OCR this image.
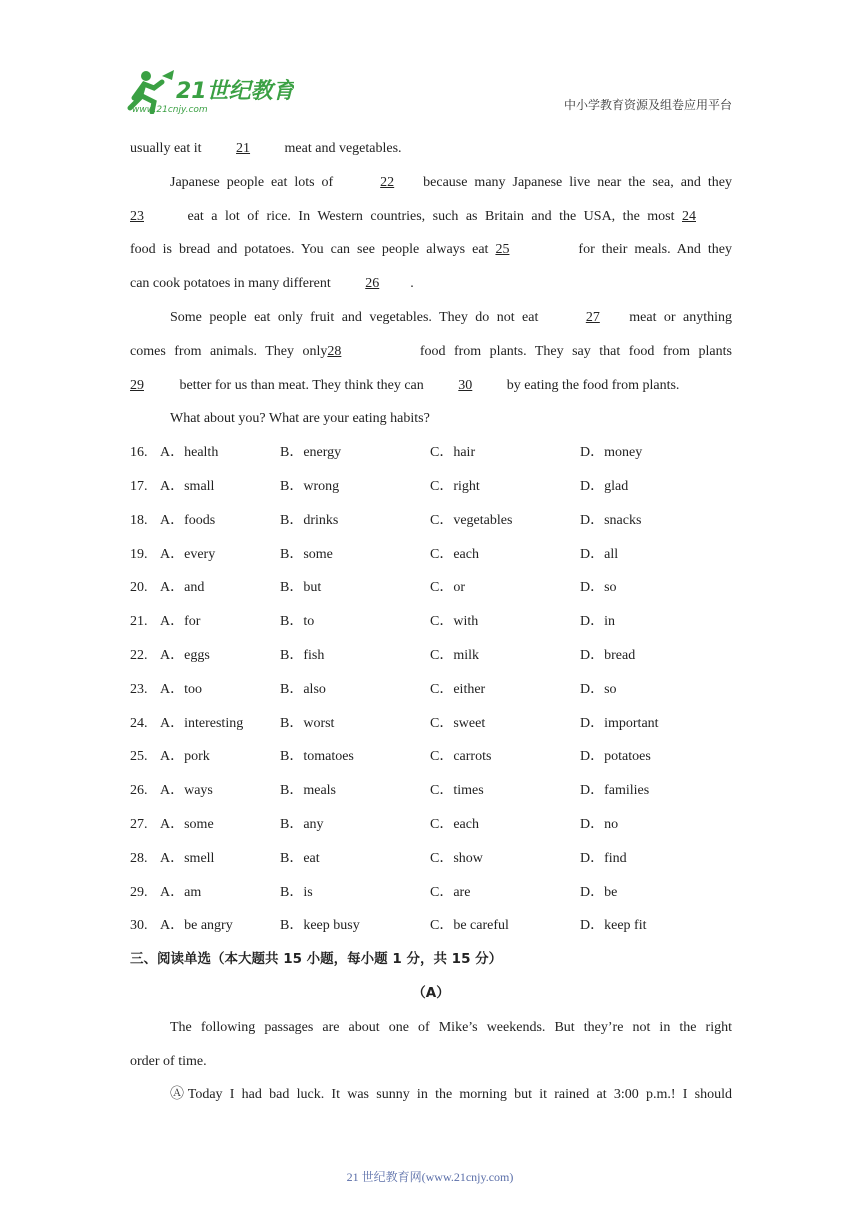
21世纪教育
www.21cnjy.com	中小学教育资源及组卷应用平台
usually eat it 21 meat and vegetables.
Japanese people eat lots of	22 because many Japanese live near the sea, and they
23	eat a lot of rice. In Western countries, such as Britain and the USA, the most 24
food is bread and potatoes. You can see people always eat 25	for their meals. And they
can cook potatoes in many different 26 .
Some people eat only fruit and vegetables. They do not eat	27 meat or anything
comes from animals. They only28	food from plants. They say that food from plants
29 better for us than meat. They think they can 30 by eating the food from plants.
What about you? What are your eating habits?
16. A．health	B．energy	C．hair	D．money
17. A．small	B．wrong	C．right	D．glad
18. A．foods	B．drinks	C．vegetables	D．snacks
19. A．every	B．some	C．each	D．all
20. A．and	B．but	C．or	D．so
21. A．for	B．to	C．with	D．in
22. A．eggs	B．fish	C．milk	D．bread
23. A．too	B．also	C．either	D．so
24. A．interesting	B．worst	C．sweet	D．important
25. A．pork	B．tomatoes	C．carrots	D．potatoes
26. A．ways	B．meals	C．times	D．families
27. A．some	B．any	C．each	D．no
28. A．smell	B．eat	C．show	D．find
29. A．am	B．is	C．are	D．be
30. A．be angry	B．keep busy	C．be careful	D．keep fit
三、阅读单选（本大题共 15 小题，每小题 1 分，共 15 分）
（A）
The following passages are about one of Mike’s weekends. But they’re not in the right
order of time.
ⒶToday I had bad luck. It was sunny in the morning but it rained at 3:00 p.m.! I should
21 世纪教育网(www.21cnjy.com)
